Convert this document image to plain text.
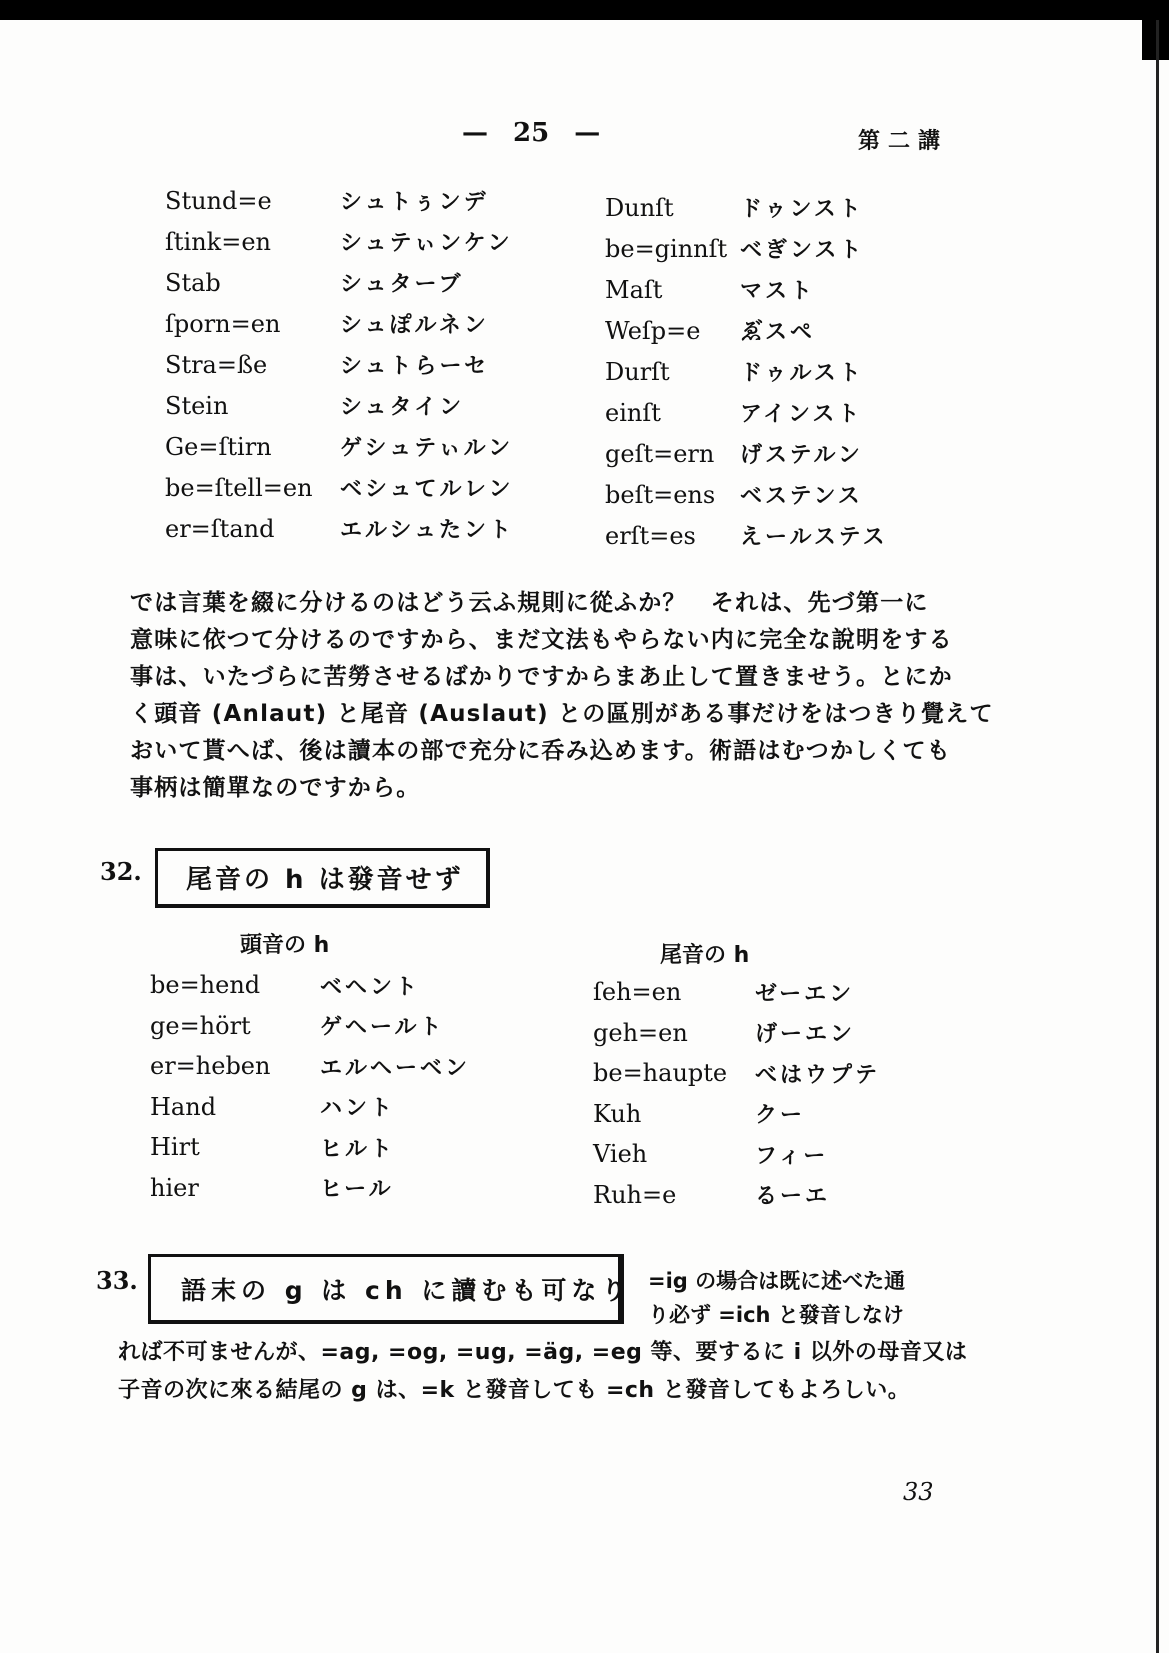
— 25 —	第二講
Stund=e	シュトぅンデ	Dunſt	ドゥンスト
ſtink=en	シュテぃンケン	be=ginnſt ベぎンスト
Stab	シュターブ	Maſt	マスト
ſporn=en	シュぽルネン	Weſp=e	ゑ゙スペ
Stra=ße	シュトらーセ	Durſt	ドゥルスト
Stein	シュタイン	einſt	アインスト
Ge=ſtirn	ゲシュテぃルン	geſt=ern	げステルン
be=ſtell=en	ベシュてルレン	beſt=ens	ベステンス
er=ſtand	エルシュたント	erſt=es	えールステス
では言葉を綴に分けるのはどう云ふ規則に從ふか？　それは、先づ第一に
意味に依つて分けるのですから、まだ文法もやらない内に完全な說明をする
事は、いたづらに苦勞させるばかりですからまあ止して置きませう。とにか
く頭音 (Anlaut) と尾音 (Auslaut) との區別がある事だけをはつきり覺えて
おいて貰へば、後は讀本の部で充分に呑み込めます。術語はむつかしくても
事柄は簡單なのですから。
32. 尾音の h は發音せず
頭音の h	尾音の h
be=hend	ベヘント	ſeh=en	ゼーエン
ge=hört	ゲヘールト	geh=en	げーエン
er=heben	エルヘーベン	be=haupte	べはウプテ
Hand	ハント	Kuh	クー
Hirt	ヒルト	Vieh	フィー
hier	ヒール	Ruh=e	るーエ
33. 語末の g は ch に讀むも可なり =ig の場合は既に述べた通
り必ず =ich と發音しなけ
れば不可ませんが、=ag, =og, =ug, =äg, =eg 等、要するに i 以外の母音又は
子音の次に來る結尾の g は、=k と發音しても =ch と發音してもよろしい。
33
